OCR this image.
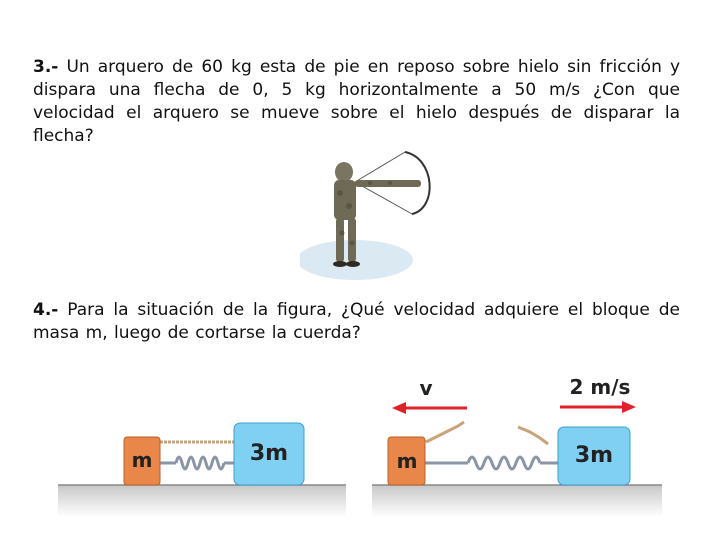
3.- Un arquero de 60 kg esta de pie en reposo sobre hielo sin fricción y dispara una flecha de 0, 5 kg horizontalmente a 50 m/s ¿Con que velocidad el arquero se mueve sobre el hielo después de disparar la flecha?
4.- Para la situación de la figura, ¿Qué velocidad adquiere el bloque de masa m, luego de cortarse la cuerda?
m	3m
v	2 m/s
m	3m
